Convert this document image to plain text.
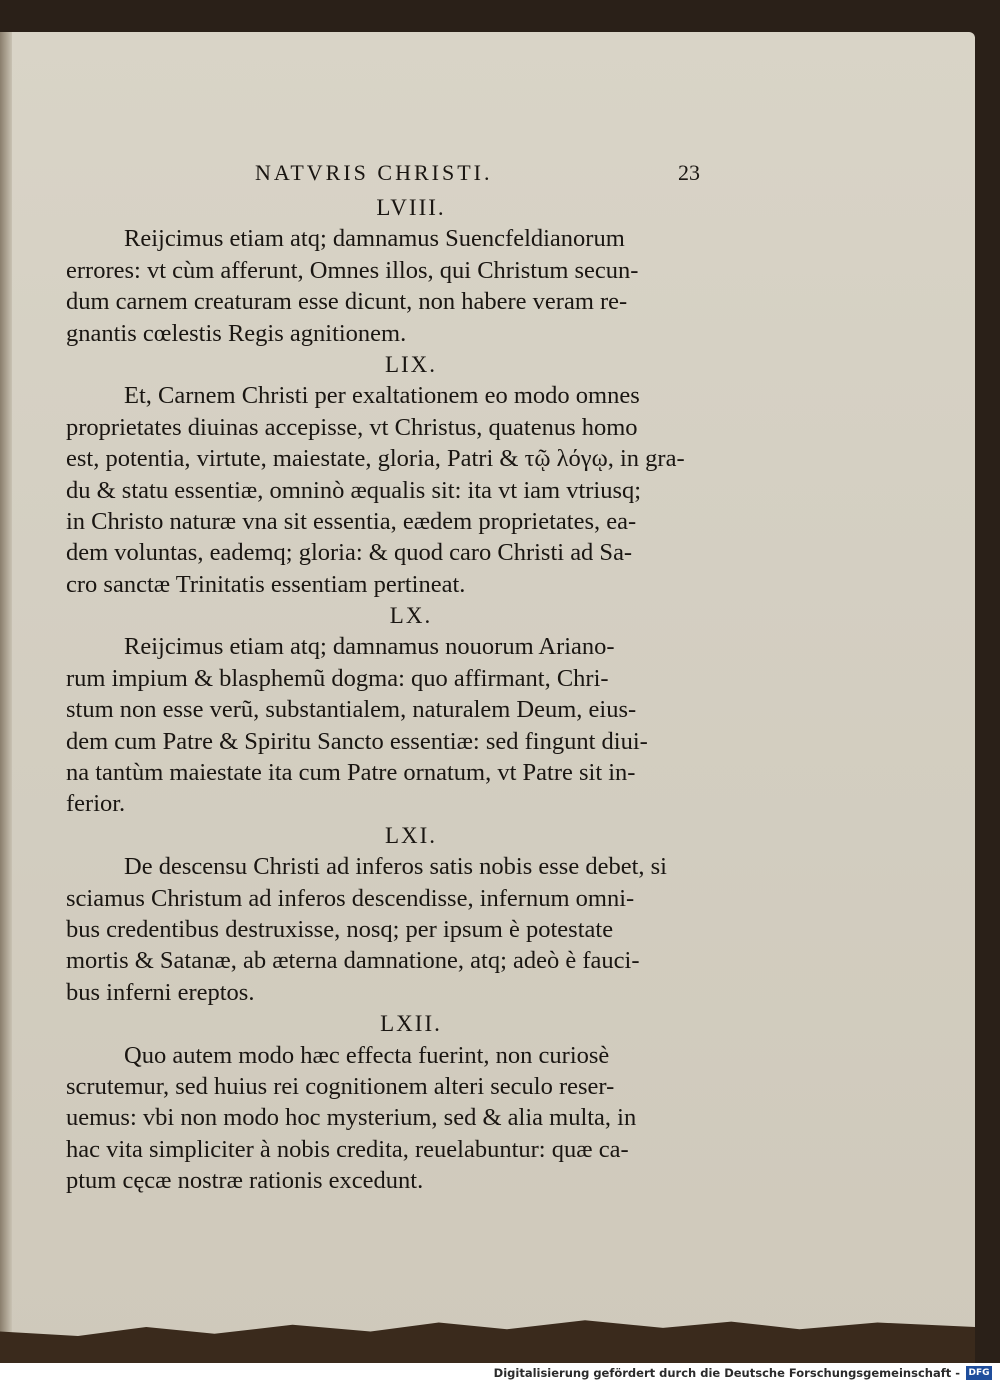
NATVRIS CHRISTI.	23
LVIII.
Reijcimus etiam atq; damnamus Suencfeldianorum
errores: vt cùm afferunt, Omnes illos, qui Christum secun-
dum carnem creaturam esse dicunt, non habere veram re-
gnantis cœlestis Regis agnitionem.
LIX.
Et, Carnem Christi per exaltationem eo modo omnes
proprietates diuinas accepisse, vt Christus, quatenus homo
est, potentia, virtute, maiestate, gloria, Patri & τῷ λόγῳ, in gra-
du & statu essentiæ, omninò æqualis sit: ita vt iam vtriusq;
in Christo naturæ vna sit essentia, eædem proprietates, ea-
dem voluntas, eademq; gloria: & quod caro Christi ad Sa-
cro sanctæ Trinitatis essentiam pertineat.
LX.
Reijcimus etiam atq; damnamus nouorum Ariano-
rum impium & blasphemũ dogma: quo affirmant, Chri-
stum non esse verũ, substantialem, naturalem Deum, eius-
dem cum Patre & Spiritu Sancto essentiæ: sed fingunt diui-
na tantùm maiestate ita cum Patre ornatum, vt Patre sit in-
ferior.
LXI.
De descensu Christi ad inferos satis nobis esse debet, si
sciamus Christum ad inferos descendisse, infernum omni-
bus credentibus destruxisse, nosq; per ipsum è potestate
mortis & Satanæ, ab æterna damnatione, atq; adeò è fauci-
bus inferni ereptos.
LXII.
Quo autem modo hæc effecta fuerint, non curiosè
scrutemur, sed huius rei cognitionem alteri seculo reser-
uemus: vbi non modo hoc mysterium, sed & alia multa, in
hac vita simpliciter à nobis credita, reuelabuntur: quæ ca-
ptum cęcæ nostræ rationis excedunt.
Digitalisierung gefördert durch die Deutsche Forschungsgemeinschaft - DFG
